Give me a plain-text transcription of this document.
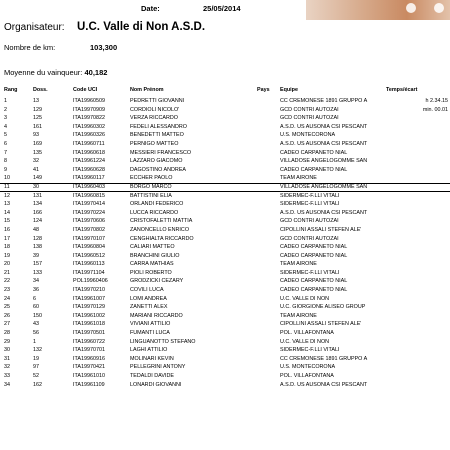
Date:	25/05/2014
Organisateur: U.C. Valle di Non A.S.D.
Nombre de km:	103,300
Moyenne du vainqueur: 40,182
Rang	Doss.	Code UCI	Nom Prénom	Pays Equipe	Temps/écart
1	13	ITA19960509	PEDRETTI GIOVANNI	CC CREMONESE 1891 GRUPPO A	h 2.34.15
2	129	ITA19970909	CORDIOLI NICOLO'	GCD CONTRI AUTOZAI	min. 00.01
3	125	ITA19970822	VERZA RICCARDO	GCD CONTRI AUTOZAI
4	161	ITA19960302	FEDELI ALESSANDRO	A.S.D. US AUSONIA CSI PESCANT
5	93	ITA19960326	BENEDETTI MATTEO	U.S. MONTECORONA
6	169	ITA19960711	PERNIGO MATTEO	A.S.D. US AUSONIA CSI PESCANT
7	135	ITA19960618	MESSIERI FRANCESCO	CADEO CARPANETO NIAL
8	32	ITA19961224	LAZZARO GIACOMO	VILLADOSE ANGELOGOMME SAN
9	41	ITA19960628	DAGOSTINO ANDREA	CADEO CARPANETO NIAL
10	149	ITA19960117	ECCHER PAOLO	TEAM AIRONE
11	30	ITA19960403	BORGO MARCO	VILLADOSE ANGELOGOMME SAN
12	131	ITA19960815	BATTISTINI ELIA	SIDERMEC-F.LLI VITALI
13	134	ITA19970414	ORLANDI FEDERICO	SIDERMEC-F.LLI VITALI
14	166	ITA19970224	LUCCA RICCARDO	A.S.D. US AUSONIA CSI PESCANT
15	124	ITA19970606	CRISTOFALETTI MATTIA	GCD CONTRI AUTOZAI
16	48	ITA19970802	ZANONCELLO ENRICO	CIPOLLINI ASSALI STEFEN ALE'
17	128	ITA19970107	CENGHIALTA RICCARDO	GCD CONTRI AUTOZAI
18	138	ITA19960804	CALIARI MATTEO	CADEO CARPANETO NIAL
19	39	ITA19960512	BRANCHINI GIULIO	CADEO CARPANETO NIAL
20	157	ITA19960113	CARRA MATHIAS	TEAM AIRONE
21	133	ITA19971104	PIOLI ROBERTO	SIDERMEC-F.LLI VITALI
22	34	POL19960406	GRODZICKI CEZARY	CADEO CARPANETO NIAL
23	36	ITA19970210	COVILI LUCA	CADEO CARPANETO NIAL
24	6	ITA19961007	LOMI ANDREA	U.C. VALLE DI NON
25	60	ITA19970129	ZANETTI ALEX	U.C. GIORGIONE ALISEO GROUP
26	150	ITA19961002	MARIANI RICCARDO	TEAM AIRONE
27	43	ITA19961018	VIVIANI ATTILIO	CIPOLLINI ASSALI STEFEN ALE'
28	56	ITA19970501	FUMANTI LUCA	POL. VILLAFONTANA
29	1	ITA19960722	LINGUANOTTO STEFANO	U.C. VALLE DI NON
30	132	ITA19970701	LAGHI ATTILIO	SIDERMEC-F.LLI VITALI
31	19	ITA19960916	MOLINARI KEVIN	CC CREMONESE 1891 GRUPPO A
32	97	ITA19970421	PELLEGRINI ANTONY	U.S. MONTECORONA
33	52	ITA19961010	TEDALDI DAVIDE	POL. VILLAFONTANA
34	162	ITA19961109	LONARDI GIOVANNI	A.S.D. US AUSONIA CSI PESCANT
